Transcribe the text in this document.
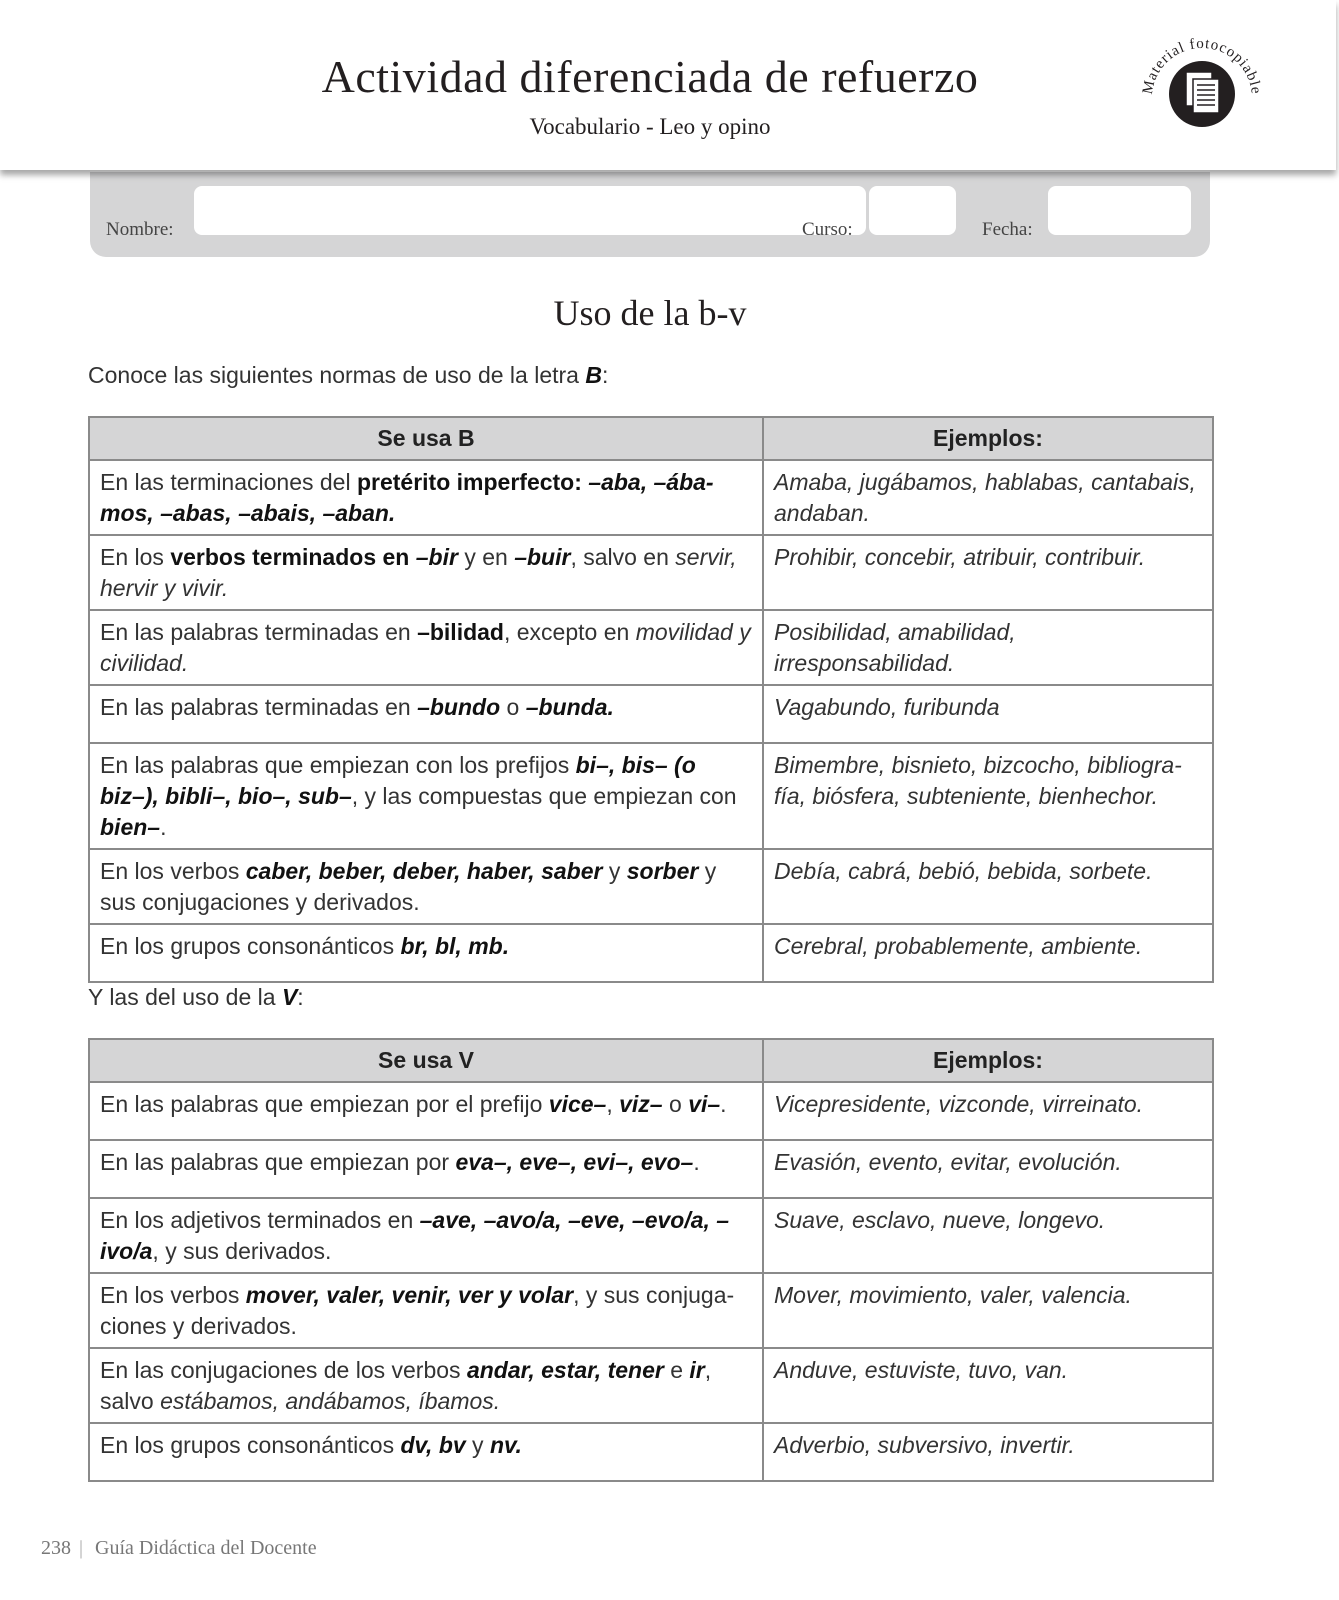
Actividad diferenciada de refuerzo
Vocabulario - Leo y opino
Material fotocopiable
Nombre:	Curso:	Fecha:
Uso de la b-v
Conoce las siguientes normas de uso de la letra B:
Se usa B	Ejemplos:
En las terminaciones del pretérito imperfecto: –aba, –ába-mos, –abas, –abais, –aban.	Amaba, jugábamos, hablabas, cantabais, andaban.
En los verbos terminados en –bir y en –buir, salvo en servir, hervir y vivir.	Prohibir, concebir, atribuir, contribuir.
En las palabras terminadas en –bilidad, excepto en movilidad y civilidad.	Posibilidad, amabilidad, irresponsabilidad.
En las palabras terminadas en –bundo o –bunda.	Vagabundo, furibunda
En las palabras que empiezan con los prefijos bi–, bis– (o biz–), bibli–, bio–, sub–, y las compuestas que empiezan con bien–.	Bimembre, bisnieto, bizcocho, bibliogra-fía, biósfera, subteniente, bienhechor.
En los verbos caber, beber, deber, haber, saber y sorber y sus conjugaciones y derivados.	Debía, cabrá, bebió, bebida, sorbete.
En los grupos consonánticos br, bl, mb.	Cerebral, probablemente, ambiente.
Y las del uso de la V:
Se usa V	Ejemplos:
En las palabras que empiezan por el prefijo vice–, viz– o vi–.	Vicepresidente, vizconde, virreinato.
En las palabras que empiezan por eva–, eve–, evi–, evo–.	Evasión, evento, evitar, evolución.
En los adjetivos terminados en –ave, –avo/a, –eve, –evo/a, –ivo/a, y sus derivados.	Suave, esclavo, nueve, longevo.
En los verbos mover, valer, venir, ver y volar, y sus conjuga-ciones y derivados.	Mover, movimiento, valer, valencia.
En las conjugaciones de los verbos andar, estar, tener e ir, salvo estábamos, andábamos, íbamos.	Anduve, estuviste, tuvo, van.
En los grupos consonánticos dv, bv y nv.	Adverbio, subversivo, invertir.
238 | Guía Didáctica del Docente
